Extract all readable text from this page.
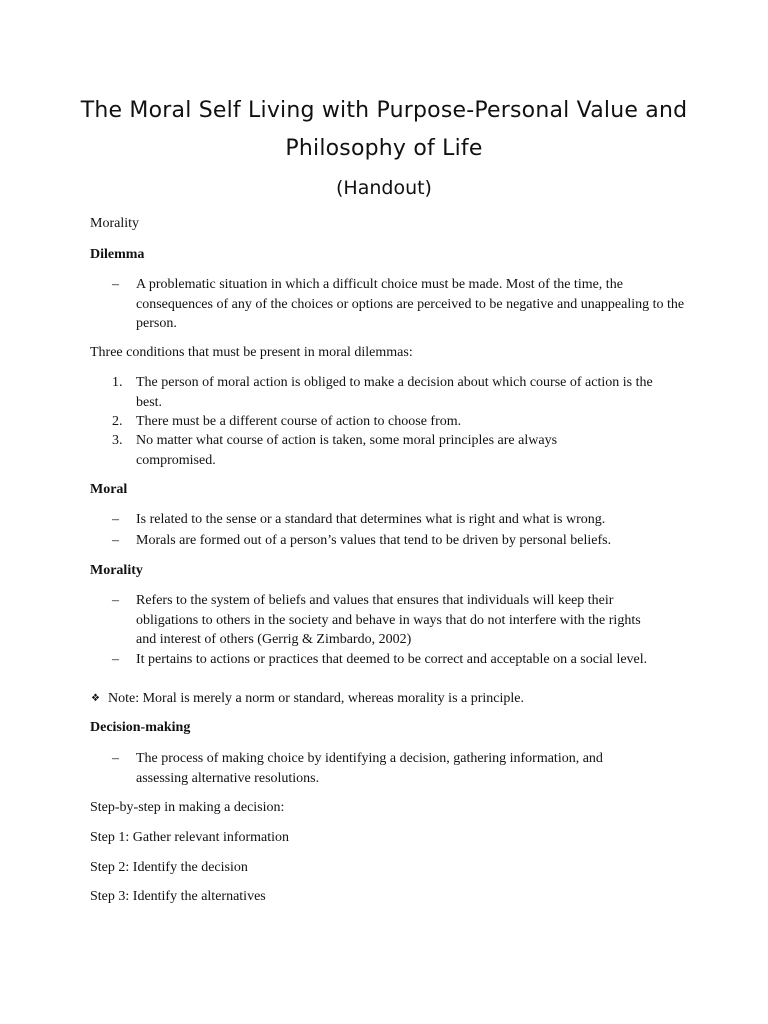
The Moral Self Living with Purpose-Personal Value and Philosophy of Life
(Handout)
Morality
Dilemma
– A problematic situation in which a difficult choice must be made. Most of the time, the consequences of any of the choices or options are perceived to be negative and unappealing to the person.
Three conditions that must be present in moral dilemmas:
1. The person of moral action is obliged to make a decision about which course of action is the best.
2. There must be a different course of action to choose from.
3. No matter what course of action is taken, some moral principles are always compromised.
Moral
– Is related to the sense or a standard that determines what is right and what is wrong.
– Morals are formed out of a person’s values that tend to be driven by personal beliefs.
Morality
– Refers to the system of beliefs and values that ensures that individuals will keep their obligations to others in the society and behave in ways that do not interfere with the rights and interest of others (Gerrig & Zimbardo, 2002)
– It pertains to actions or practices that deemed to be correct and acceptable on a social level.
❖ Note: Moral is merely a norm or standard, whereas morality is a principle.
Decision-making
– The process of making choice by identifying a decision, gathering information, and assessing alternative resolutions.
Step-by-step in making a decision:
Step 1: Gather relevant information
Step 2: Identify the decision
Step 3: Identify the alternatives
